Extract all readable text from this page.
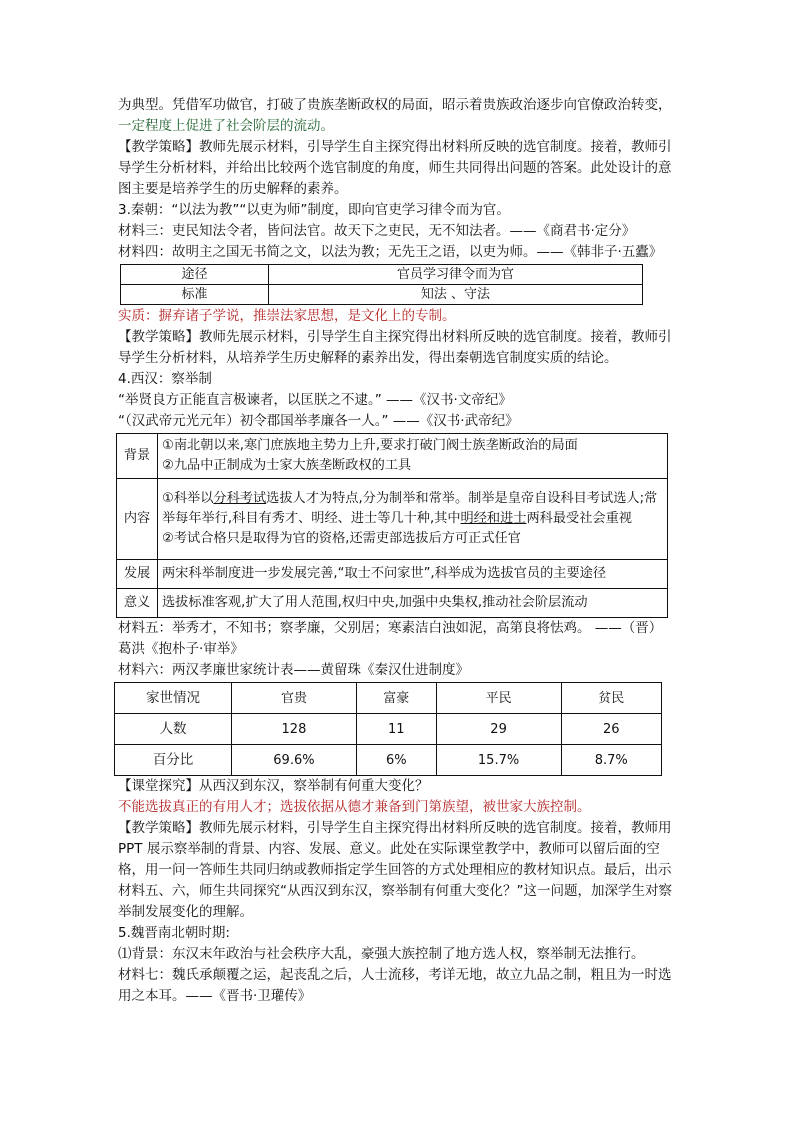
为典型。凭借军功做官，打破了贵族垄断政权的局面，昭示着贵族政治逐步向官僚政治转变，

一定程度上促进了社会阶层的流动。

【教学策略】教师先展示材料，引导学生自主探究得出材料所反映的选官制度。接着，教师引导学生分析材料，并给出比较两个选官制度的角度，师生共同得出问题的答案。此处设计的意图主要是培养学生的历史解释的素养。

3.秦朝：“以法为教”“以吏为师”制度，即向官吏学习律令而为官。

材料三：吏民知法令者，皆问法官。故天下之吏民，无不知法者。——《商君书·定分》

材料四：故明主之国无书简之文，以法为教；无先王之语，以吏为师。——《韩非子·五蠹》

途径	官员学习律令而为官
标准	知法 、守法

实质：摒弃诸子学说，推崇法家思想，是文化上的专制。

【教学策略】教师先展示材料，引导学生自主探究得出材料所反映的选官制度。接着，教师引导学生分析材料，从培养学生历史解释的素养出发，得出秦朝选官制度实质的结论。

4.西汉：察举制

“举贤良方正能直言极谏者，以匡朕之不逮。” ——《汉书·文帝纪》

“（汉武帝元光元年）初令郡国举孝廉各一人。” ——《汉书·武帝纪》

背景	①南北朝以来,寒门庶族地主势力上升,要求打破门阀士族垄断政治的局面
②九品中正制成为士家大族垄断政权的工具

内容	①科举以分科考试选拔人才为特点,分为制举和常举。制举是皇帝自设科目考试选人;常举每年举行,科目有秀才、明经、进士等几十种,其中明经和进士两科最受社会重视
②考试合格只是取得为官的资格,还需吏部选拔后方可正式任官

发展	两宋科举制度进一步发展完善,“取士不问家世”,科举成为选拔官员的主要途径
意义	选拔标准客观,扩大了用人范围,权归中央,加强中央集权,推动社会阶层流动

材料五：举秀才，不知书；察孝廉，父别居；寒素洁白浊如泥，高第良将怯鸡。 ——（晋）

葛洪《抱朴子·审举》

材料六：两汉孝廉世家统计表——黄留珠《秦汉仕进制度》

家世情况	官贵	富豪	平民	贫民
人数	128	11	29	26
百分比	69.6%	6%	15.7%	8.7%

【课堂探究】从西汉到东汉，察举制有何重大变化？

不能选拔真正的有用人才；选拔依据从德才兼备到门第族望，被世家大族控制。

【教学策略】教师先展示材料，引导学生自主探究得出材料所反映的选官制度。接着，教师用 PPT 展示察举制的背景、内容、发展、意义。此处在实际课堂教学中，教师可以留后面的空格，用一问一答师生共同归纳或教师指定学生回答的方式处理相应的教材知识点。最后，出示材料五、六，师生共同探究“从西汉到东汉，察举制有何重大变化？”这一问题，加深学生对察举制发展变化的理解。

5.魏晋南北朝时期:

⑴背景：东汉末年政治与社会秩序大乱，豪强大族控制了地方选人权，察举制无法推行。

材料七：魏氏承颠覆之运，起丧乱之后，人士流移，考详无地，故立九品之制，粗且为一时选用之本耳。——《晋书·卫瓘传》
